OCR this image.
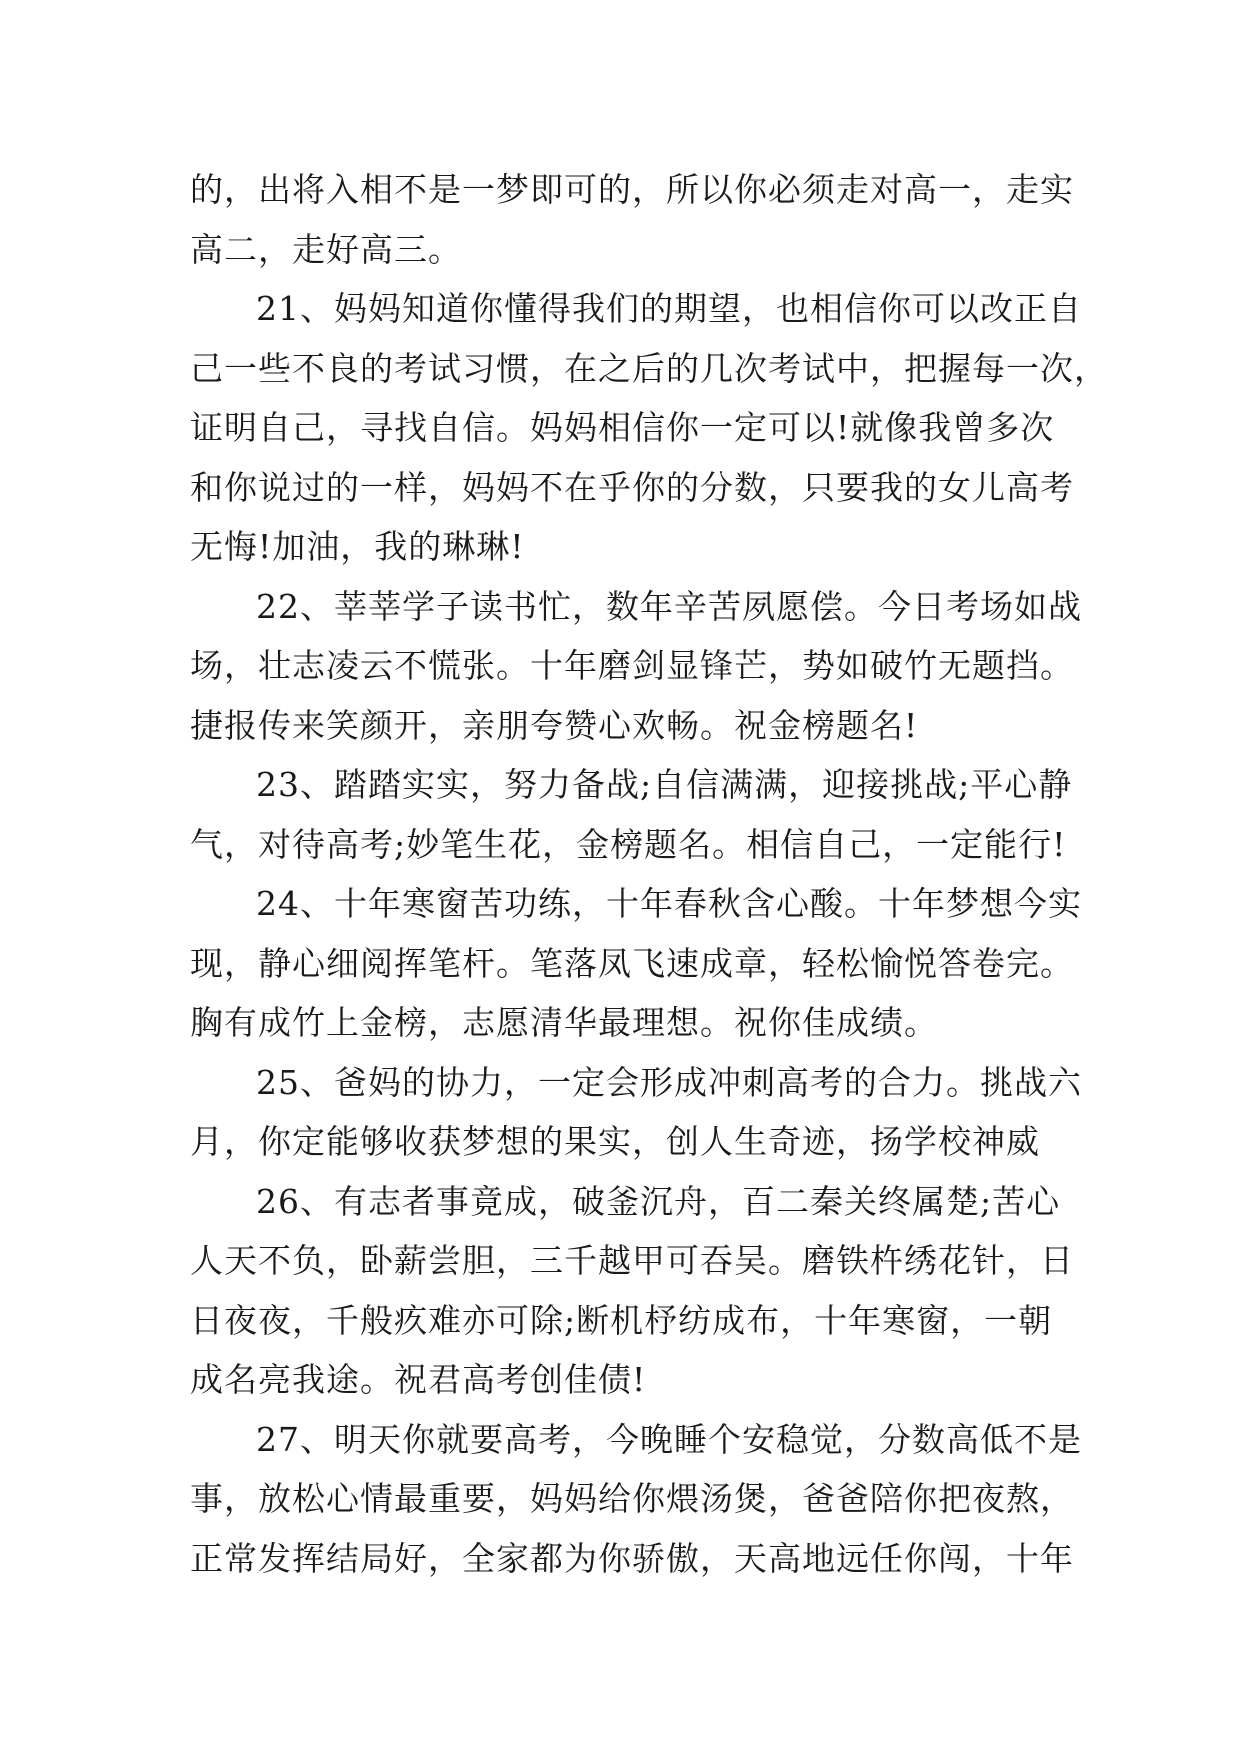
的，出将入相不是一梦即可的，所以你必须走对高一，走实
高二，走好高三。
21、妈妈知道你懂得我们的期望，也相信你可以改正自
己一些不良的考试习惯，在之后的几次考试中，把握每一次，
证明自己，寻找自信。妈妈相信你一定可以!就像我曾多次
和你说过的一样，妈妈不在乎你的分数，只要我的女儿高考
无悔!加油，我的琳琳!
22、莘莘学子读书忙，数年辛苦夙愿偿。今日考场如战
场，壮志凌云不慌张。十年磨剑显锋芒，势如破竹无题挡。
捷报传来笑颜开，亲朋夸赞心欢畅。祝金榜题名!
23、踏踏实实，努力备战;自信满满，迎接挑战;平心静
气，对待高考;妙笔生花，金榜题名。相信自己，一定能行!
24、十年寒窗苦功练，十年春秋含心酸。十年梦想今实
现，静心细阅挥笔杆。笔落凤飞速成章，轻松愉悦答卷完。
胸有成竹上金榜，志愿清华最理想。祝你佳成绩。
25、爸妈的协力，一定会形成冲刺高考的合力。挑战六
月，你定能够收获梦想的果实，创人生奇迹，扬学校神威
26、有志者事竟成，破釜沉舟，百二秦关终属楚;苦心
人天不负，卧薪尝胆，三千越甲可吞吴。磨铁杵绣花针，日
日夜夜，千般疚难亦可除;断机杼纺成布，十年寒窗，一朝
成名亮我途。祝君高考创佳债!
27、明天你就要高考，今晚睡个安稳觉，分数高低不是
事，放松心情最重要，妈妈给你煨汤煲，爸爸陪你把夜熬，
正常发挥结局好，全家都为你骄傲，天高地远任你闯，十年
